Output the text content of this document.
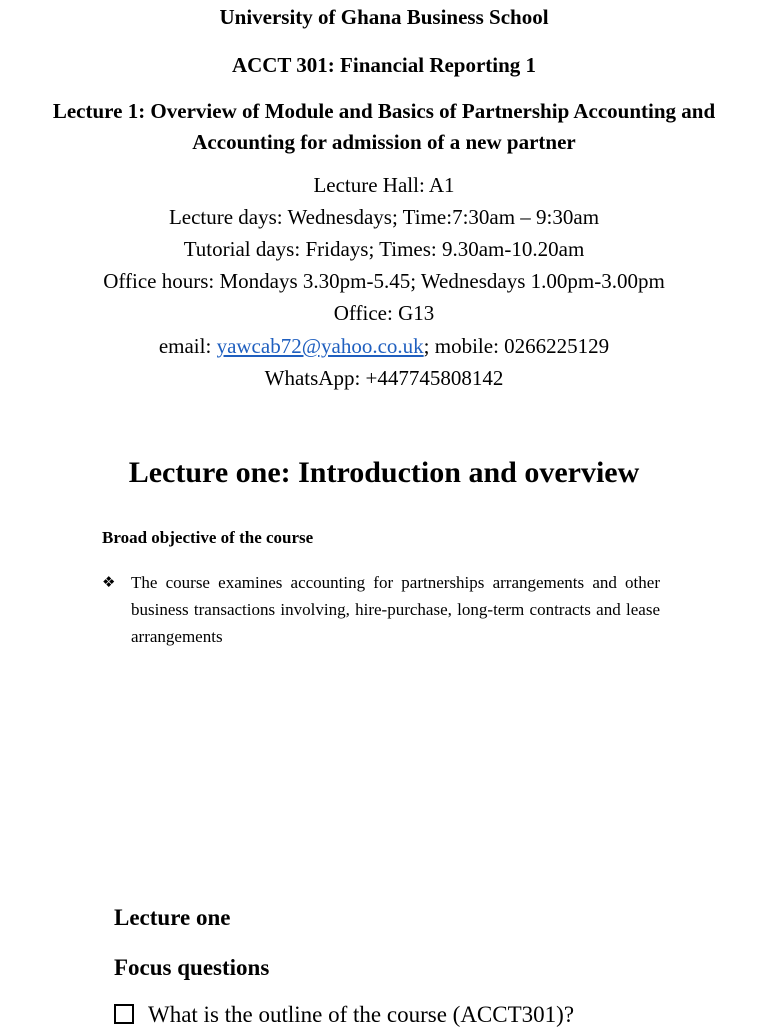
University of Ghana Business School
ACCT 301: Financial Reporting 1
Lecture 1: Overview of Module and Basics of Partnership Accounting and
Accounting for admission of a new partner
Lecture Hall: A1
Lecture days: Wednesdays; Time:7:30am – 9:30am
Tutorial days: Fridays; Times: 9.30am-10.20am
Office hours: Mondays 3.30pm-5.45; Wednesdays 1.00pm-3.00pm
Office: G13
email: yawcab72@yahoo.co.uk; mobile: 0266225129
WhatsApp: +447745808142
Lecture one: Introduction and overview
Broad objective of the course
❖ The course examines accounting for partnerships arrangements and other business transactions involving, hire-purchase, long-term contracts and lease arrangements
Lecture one
Focus questions
What is the outline of the course (ACCT301)?
